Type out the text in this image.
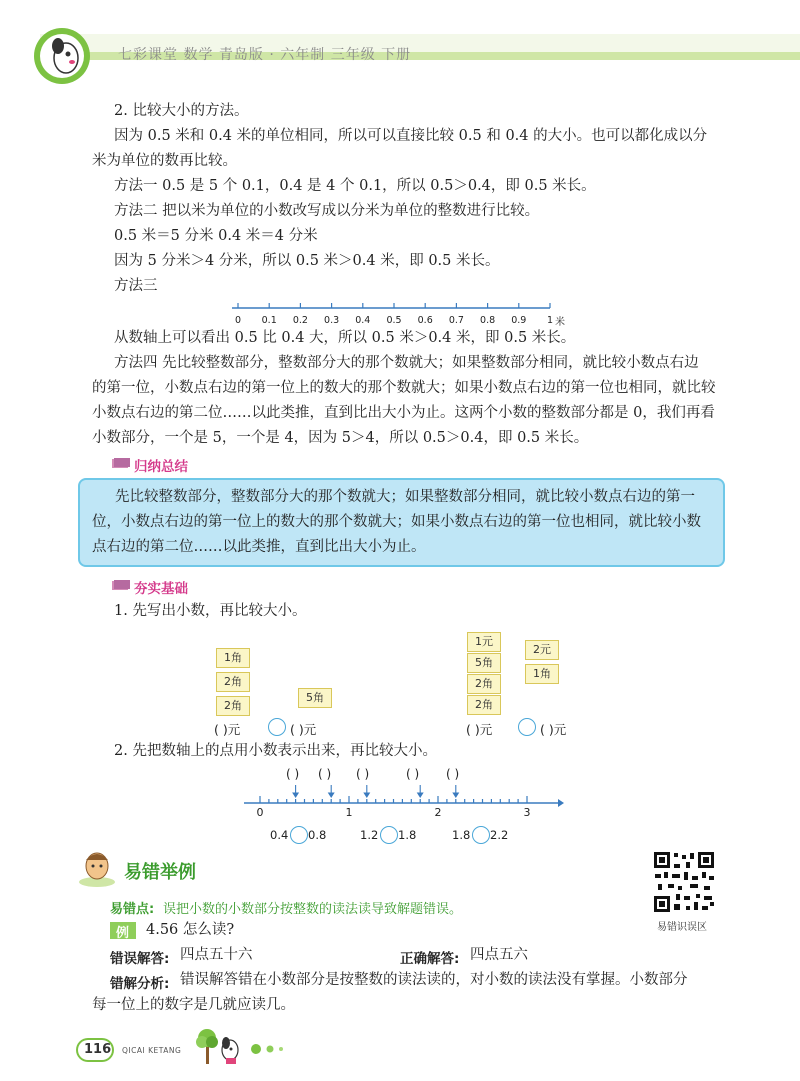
七彩课堂 数学 青岛版 · 六年制 三年级 下册
2. 比较大小的方法。
因为 0.5 米和 0.4 米的单位相同，所以可以直接比较 0.5 和 0.4 的大小。也可以都化成以分
米为单位的数再比较。
方法一 0.5 是 5 个 0.1，0.4 是 4 个 0.1，所以 0.5＞0.4，即 0.5 米长。
方法二 把以米为单位的小数改写成以分米为单位的整数进行比较。
0.5 米＝5 分米 0.4 米＝4 分米
因为 5 分米＞4 分米，所以 0.5 米＞0.4 米，即 0.5 米长。
方法三
0 0.1 0.2 0.3 0.4 0.5 0.6 0.7 0.8 0.9 1 米
从数轴上可以看出 0.5 比 0.4 大，所以 0.5 米＞0.4 米，即 0.5 米长。
方法四 先比较整数部分，整数部分大的那个数就大；如果整数部分相同，就比较小数点右边
的第一位，小数点右边的第一位上的数大的那个数就大；如果小数点右边的第一位也相同，就比较
小数点右边的第二位……以此类推，直到比出大小为止。这两个小数的整数部分都是 0，我们再看
小数部分，一个是 5，一个是 4，因为 5＞4，所以 0.5＞0.4，即 0.5 米长。
归纳总结
先比较整数部分，整数部分大的那个数就大；如果整数部分相同，就比较小数点右边的第一
位，小数点右边的第一位上的数大的那个数就大；如果小数点右边的第一位也相同，就比较小数
点右边的第二位……以此类推，直到比出大小为止。
夯实基础
1. 先写出小数，再比较大小。
1角
2角
2角
5角
( )元	( )元
1元
5角
2角
2角
2元
1角
( )元	( )元
2. 先把数轴上的点用小数表示出来，再比较大小。
( ) ( ) ( )	( ) ( )
0	1	2	3
0.4 0.8	1.2 1.8	1.8 2.2
易错举例
易错识误区
易错点: 误把小数的小数部分按整数的读法读导致解题错误。
例 4.56 怎么读?
错误解答: 四点五十六	正确解答: 四点五六
错解分析: 错误解答错在小数部分是按整数的读法读的，对小数的读法没有掌握。小数部分
每一位上的数字是几就应读几。
116 QICAI KETANG
